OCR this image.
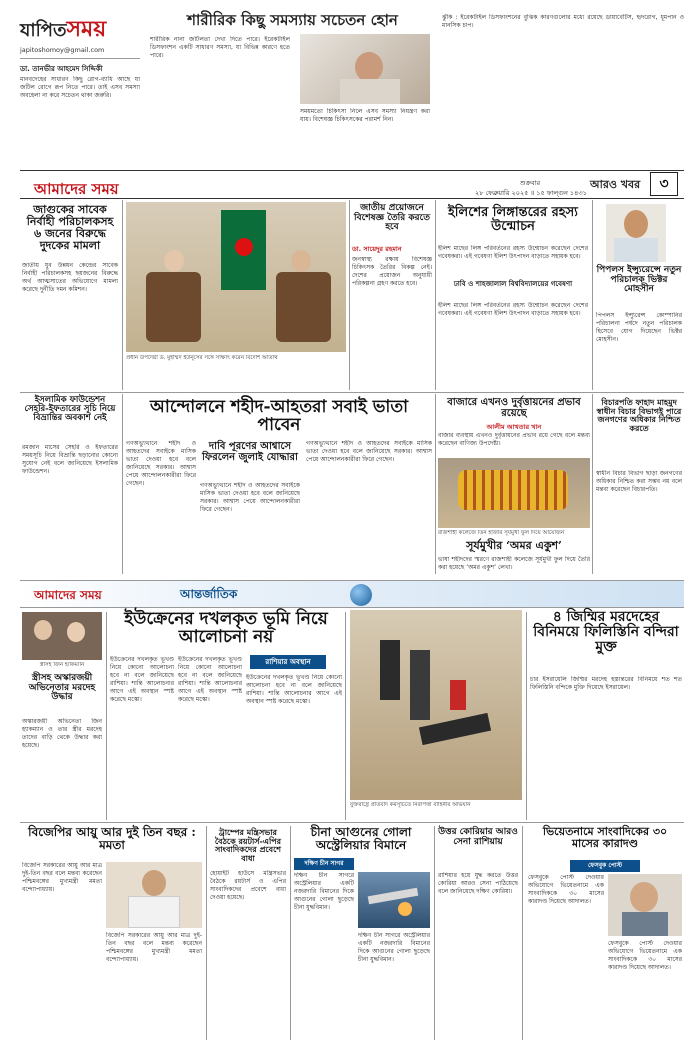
যাপিতসময়
japitoshomoy@gmail.com
ডা. তানভীর আহমেদ সিদ্দিকী
মানবদেহের সাধারণ কিছু রোগ-ব্যাধি আছে যা জটিল রোগে রূপ নিতে পারে। তাই এসব সমস্যা অবহেলা না করে সচেতন থাকা জরুরি।
শারীরিক কিছু সমস্যায় সচেতন হোন
শারীরিক নানা জটিলতা দেখা দিতে পারে। ইরেকটাইল ডিসফাংশন একটি সাধারণ সমস্যা, যা বিভিন্ন কারণে হতে পারে।
সময়মতো চিকিৎসা নিলে এসব সমস্যা নিয়ন্ত্রণ করা যায়। বিশেষজ্ঞ চিকিৎসকের পরামর্শ নিন।
ঝুঁকি : ইরেকটাইল ডিসফাংশনের বুঝিক কারণগুলোর মধ্যে রয়েছে ডায়াবেটিস, হৃদরোগ, ধূমপান ও মানসিক চাপ।
আমাদের সময়	শুক্রবার
২৮ ফেব্রুয়ারি ২০২৫ ॥ ১৫ ফাল্গুন ১৪৩১
আরও খবর	৩
জাগুকের সাবেক নির্বাহী পরিচালকসহ ৬ জনের বিরুদ্ধে দুদকের মামলা
জাতীয় যুব উন্নয়ন কেন্দ্রের সাবেক নির্বাহী পরিচালকসহ ছয়জনের বিরুদ্ধে অর্থ আত্মসাতের অভিযোগে মামলা করেছে দুর্নীতি দমন কমিশন।
প্রধান উপদেষ্টা ড. মুহাম্মদ ইউনূসের সঙ্গে সাক্ষাৎ করেন বিদেশি অতিথি
জাতীয় প্রয়োজনে বিশেষজ্ঞ তৈরি করতে হবে
ডা. সায়েদুর রহমান
জনস্বাস্থ্য রক্ষায় বিশেষজ্ঞ চিকিৎসক তৈরির বিকল্প নেই। দেশের প্রয়োজন অনুযায়ী পরিকল্পনা গ্রহণ করতে হবে।
ইলিশের লিঙ্গান্তরের রহস্য উন্মোচন
ঢাবি ও শাহজালাল বিশ্ববিদ্যালয়ের গবেষণা
ইলিশ মাছের লিঙ্গ পরিবর্তনের রহস্য উন্মোচন করেছেন দেশের গবেষকরা। এই গবেষণা ইলিশ উৎপাদন বাড়াতে সহায়ক হবে।
ইলিশ মাছের লিঙ্গ পরিবর্তনের রহস্য উন্মোচন করেছেন দেশের গবেষকরা। এই গবেষণা ইলিশ উৎপাদন বাড়াতে সহায়ক হবে।
পিপলস ইন্স্যুরেন্সে নতুন পরিচালক ভিক্টর মোহসীন
পিপলস ইন্স্যুরেন্স কোম্পানির পরিচালনা পর্ষদে নতুন পরিচালক হিসেবে যোগ দিয়েছেন ভিক্টর মোহসীন।
ইসলামিক ফাউন্ডেশন সেহরি-ইফতারের সূচি নিয়ে বিভ্রান্তির অবকাশ নেই
রমজান মাসের সেহরি ও ইফতারের সময়সূচি নিয়ে বিভ্রান্তি ছড়ানোর কোনো সুযোগ নেই বলে জানিয়েছে ইসলামিক ফাউন্ডেশন।
আন্দোলনে শহীদ-আহতরা সবাই ভাতা পাবেন
দাবি পূরণের আশ্বাসে ফিরলেন জুলাই যোদ্ধারা
গণঅভ্যুত্থানে শহীদ ও আহতদের সবাইকে মাসিক ভাতা দেওয়া হবে বলে জানিয়েছে সরকার। আশ্বাস পেয়ে আন্দোলনকারীরা ফিরে গেছেন।	গণঅভ্যুত্থানে শহীদ ও আহতদের সবাইকে মাসিক ভাতা দেওয়া হবে বলে জানিয়েছে সরকার। আশ্বাস পেয়ে আন্দোলনকারীরা ফিরে গেছেন।
গণঅভ্যুত্থানে শহীদ ও আহতদের সবাইকে মাসিক ভাতা দেওয়া হবে বলে জানিয়েছে সরকার। আশ্বাস পেয়ে আন্দোলনকারীরা ফিরে গেছেন।
বাজারে এখনও দুর্বৃত্তায়নের প্রভাব রয়েছে
আলীম আখতার খান
বাজার ব্যবস্থায় এখনও দুর্বৃত্তায়নের প্রভাব রয়ে গেছে বলে মন্তব্য করেছেন বাণিজ্য উপদেষ্টা।
রাজশাহী কলেজে তিন হাজার সূর্যমুখী ফুল দিয়ে আয়োজন
সূর্যমুখীর ‘অমর একুশ’
ভাষা শহীদদের স্মরণে রাজশাহী কলেজে সূর্যমুখী ফুল দিয়ে তৈরি করা হয়েছে ‘অমর একুশ’ লেখা।
বিচারপতি ফাহাদ মাহমুদ স্বাধীন বিচার বিভাগই পারে জনগণের অধিকার নিশ্চিত করতে
স্বাধীন বিচার বিভাগ ছাড়া জনগণের অধিকার নিশ্চিত করা সম্ভব নয় বলে মন্তব্য করেছেন বিচারপতি।
আমাদের সময়	আন্তর্জাতিক
স্ত্রীসহ জিন হ্যাকম্যান
স্ত্রীসহ অস্কারজয়ী অভিনেতার মরদেহ উদ্ধার
অস্কারজয়ী অভিনেতা জিন হ্যাকম্যান ও তার স্ত্রীর মরদেহ তাদের বাড়ি থেকে উদ্ধার করা হয়েছে।
ইউক্রেনের দখলকৃত ভূমি নিয়ে আলোচনা নয়
রাশিয়ার অবস্থান
ইউক্রেনের দখলকৃত ভূখণ্ড নিয়ে কোনো আলোচনা হবে না বলে জানিয়েছে রাশিয়া। শান্তি আলোচনার আগে এই অবস্থান স্পষ্ট করেছে মস্কো।
ইউক্রেনের দখলকৃত ভূখণ্ড নিয়ে কোনো আলোচনা হবে না বলে জানিয়েছে রাশিয়া। শান্তি আলোচনার আগে এই অবস্থান স্পষ্ট করেছে মস্কো।
ইউক্রেনের দখলকৃত ভূখণ্ড নিয়ে কোনো আলোচনা হবে না বলে জানিয়েছে রাশিয়া। শান্তি আলোচনার আগে এই অবস্থান স্পষ্ট করেছে মস্কো।
যুক্তরাষ্ট্রে প্রতিবাদ কর্মসূচিতে নিরাপত্তা বাহিনীর অভিযান
৪ জিম্মির মরদেহের বিনিময়ে ফিলিস্তিনি বন্দিরা মুক্ত
চার ইসরায়েলি জিম্মির মরদেহ হস্তান্তরের বিনিময়ে শত শত ফিলিস্তিনি বন্দিকে মুক্তি দিয়েছে ইসরায়েল।
বিজেপির আয়ু আর দুই তিন বছর : মমতা
বিজেপি সরকারের আয়ু আর মাত্র দুই-তিন বছর বলে মন্তব্য করেছেন পশ্চিমবঙ্গের মুখ্যমন্ত্রী মমতা বন্দ্যোপাধ্যায়।
বিজেপি সরকারের আয়ু আর মাত্র দুই-তিন বছর বলে মন্তব্য করেছেন পশ্চিমবঙ্গের মুখ্যমন্ত্রী মমতা বন্দ্যোপাধ্যায়।
ট্রাম্পের মন্ত্রিসভার বৈঠকে রয়টার্স-এপির সাংবাদিকদের প্রবেশে বাধা
হোয়াইট হাউসে মন্ত্রিসভার বৈঠকে রয়টার্স ও এপির সাংবাদিকদের প্রবেশে বাধা দেওয়া হয়েছে।
চীনা আগুনের গোলা অস্ট্রেলিয়ার বিমানে
দক্ষিণ চীন সাগর
দক্ষিণ চীন সাগরে অস্ট্রেলিয়ার একটি নজরদারি বিমানের দিকে আগুনের গোলা ছুড়েছে চীনা যুদ্ধবিমান।
দক্ষিণ চীন সাগরে অস্ট্রেলিয়ার একটি নজরদারি বিমানের দিকে আগুনের গোলা ছুড়েছে চীনা যুদ্ধবিমান।
উত্তর কোরিয়ার আরও সেনা রাশিয়ায়
রাশিয়ার হয়ে যুদ্ধ করতে উত্তর কোরিয়া আরও সেনা পাঠিয়েছে বলে জানিয়েছে দক্ষিণ কোরিয়া।
ভিয়েতনামে সাংবাদিকের ৩০ মাসের কারাদণ্ড
ফেসবুক পোস্ট
ফেসবুকে পোস্ট দেওয়ার অভিযোগে ভিয়েতনামে এক সাংবাদিককে ৩০ মাসের কারাদণ্ড দিয়েছে আদালত।
ফেসবুকে পোস্ট দেওয়ার অভিযোগে ভিয়েতনামে এক সাংবাদিককে ৩০ মাসের কারাদণ্ড দিয়েছে আদালত।
